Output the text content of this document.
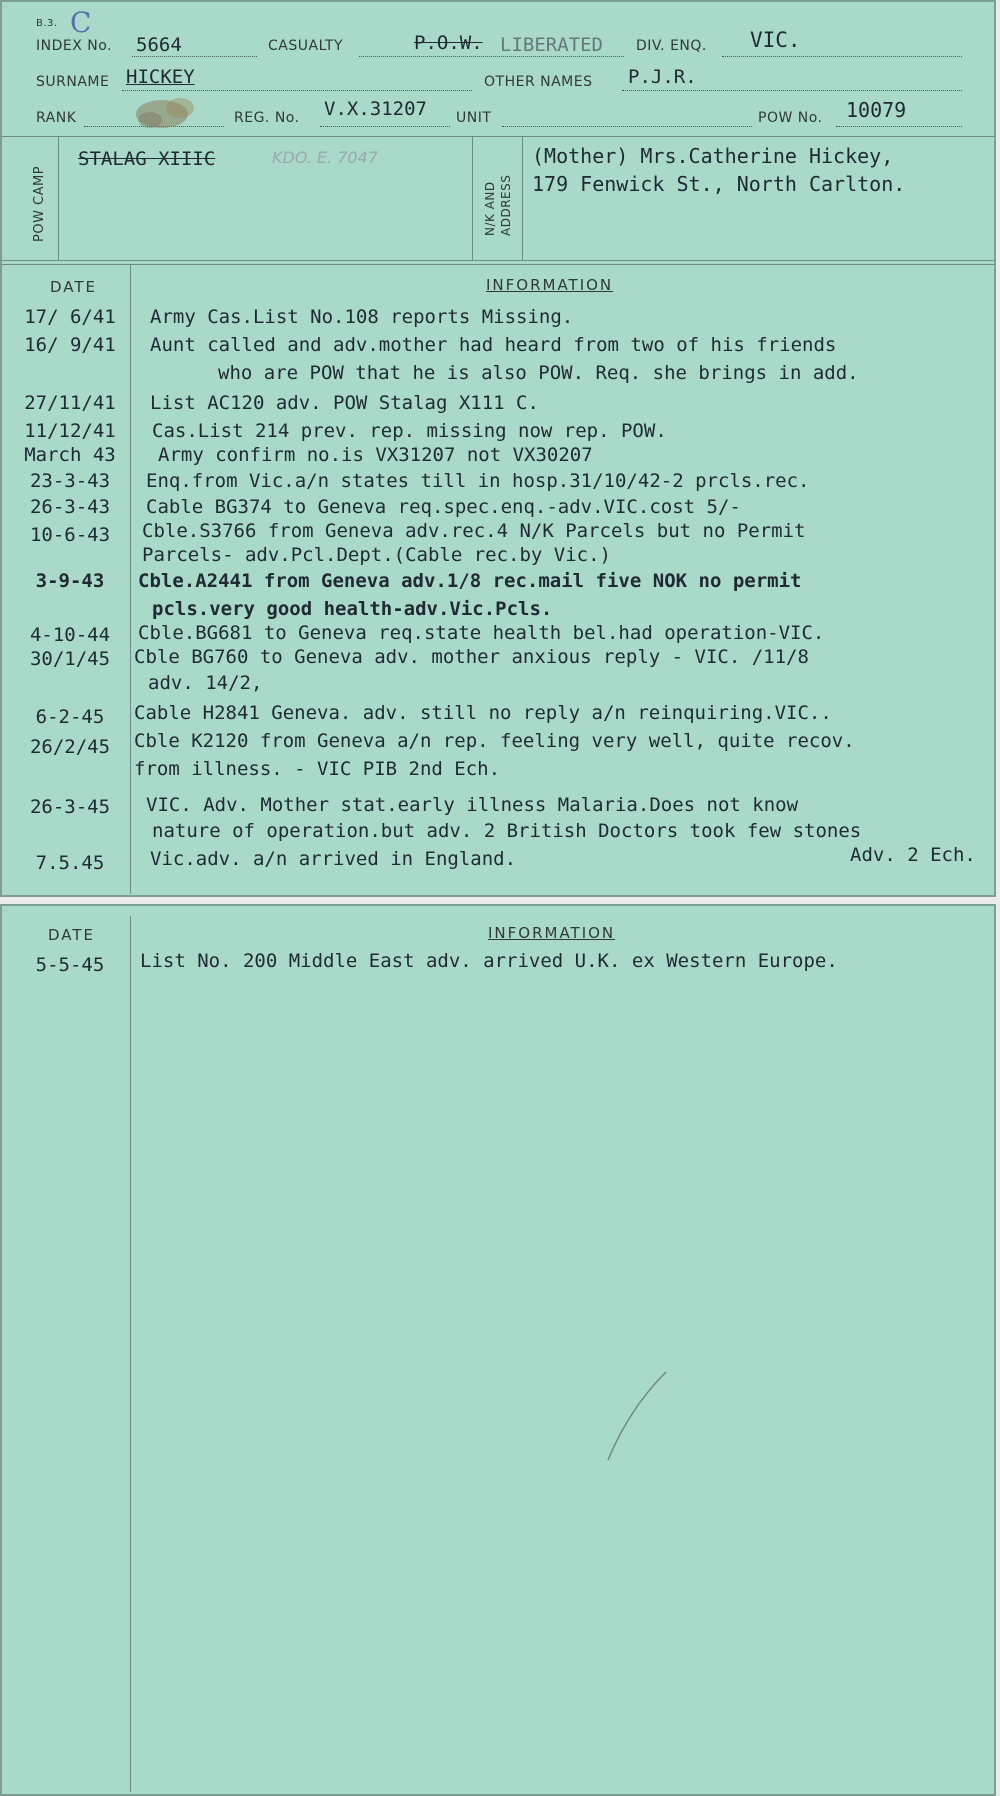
B.3. C
INDEX No. 5664	CASUALTY	P.O.W. LIBERATED DIV. ENQ. VIC.
SURNAME HICKEY	OTHER NAMES P.J.R.
RANK	REG. No. V.X.31207 UNIT	POW No. 10079
POW CAMP
STALAG XIIIC	KDO. E. 7047
N/K AND ADDRESS
(Mother) Mrs.Catherine Hickey,
179 Fenwick St., North Carlton.
DATE	INFORMATION
17/ 6/41	Army Cas.List No.108 reports Missing.
16/ 9/41	Aunt called and adv.mother had heard from two of his friends
who are POW that he is also POW. Req. she brings in add.
27/11/41	List AC120 adv. POW Stalag X111 C.
11/12/41	Cas.List 214 prev. rep. missing now rep. POW.
March 43	Army confirm no.is VX31207 not VX30207
23-3-43	Enq.from Vic.a/n states till in hosp.31/10/42-2 prcls.rec.
26-3-43	Cable BG374 to Geneva req.spec.enq.-adv.VIC.cost 5/-
10-6-43	Cble.S3766 from Geneva adv.rec.4 N/K Parcels but no Permit
Parcels- adv.Pcl.Dept.(Cable rec.by Vic.)
3-9-43	Cble.A2441 from Geneva adv.1/8 rec.mail five NOK no permit
pcls.very good health-adv.Vic.Pcls.
4-10-44	Cble.BG681 to Geneva req.state health bel.had operation-VIC.
30/1/45	Cble BG760 to Geneva adv. mother anxious reply - VIC. /11/8
adv. 14/2,
6-2-45	Cable H2841 Geneva. adv. still no reply a/n reinquiring.VIC..
26/2/45	Cble K2120 from Geneva a/n rep. feeling very well, quite recov.
from illness. - VIC PIB 2nd Ech.
26-3-45	VIC. Adv. Mother stat.early illness Malaria.Does not know
nature of operation.but adv. 2 British Doctors took few stones
7.5.45	Vic.adv. a/n arrived in England.	Adv. 2 Ech.
DATE	INFORMATION
5-5-45	List No. 200 Middle East adv. arrived U.K. ex Western Europe.
